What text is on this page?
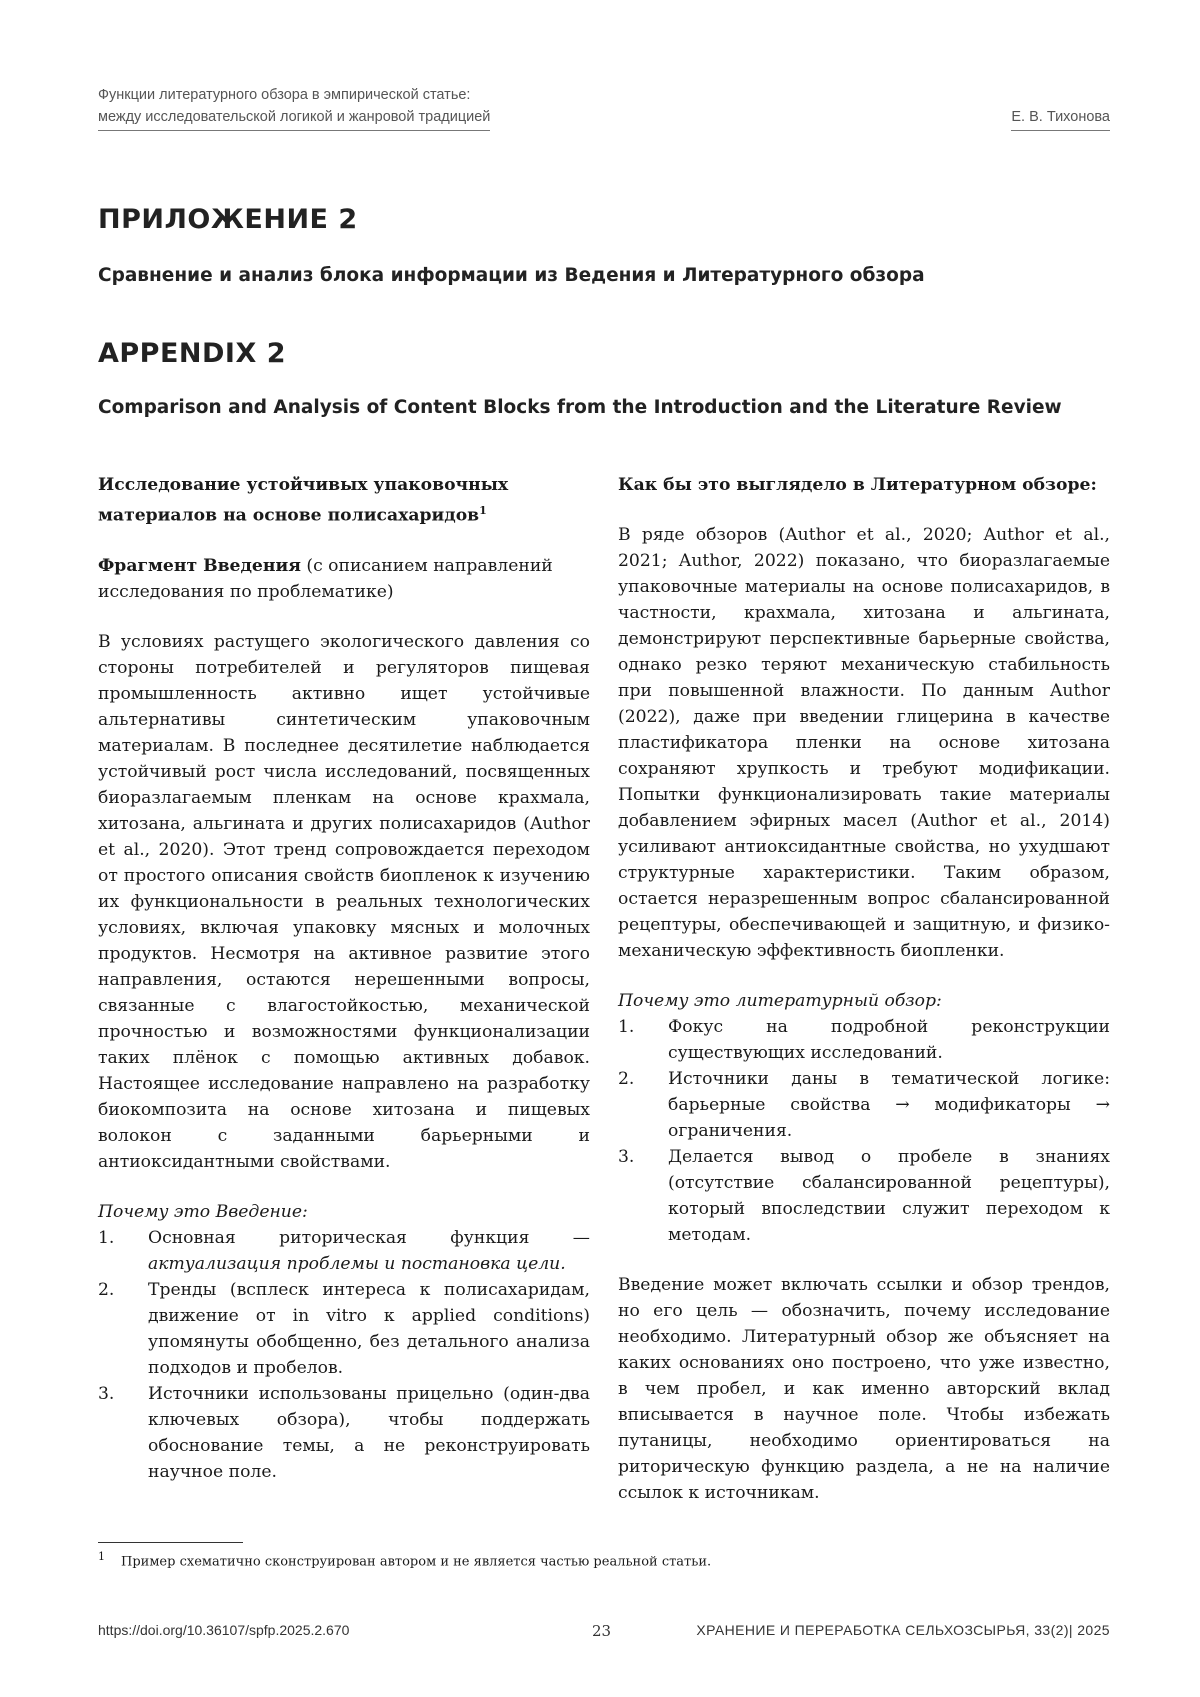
Функции литературного обзора в эмпирической статье:
между исследовательской логикой и жанровой традицией	Е. В. Тихонова
ПРИЛОЖЕНИЕ 2
Сравнение и анализ блока информации из Ведения и Литературного обзора
APPENDIX 2
Comparison and Analysis of Content Blocks from the Introduction and the Literature Review

Исследование устойчивых упаковочных материалов на основе полисахаридов1

Фрагмент Введения (с описанием направлений исследования по проблематике)

В условиях растущего экологического давления со стороны потребителей и регуляторов пищевая промышленность активно ищет устойчивые альтернативы синтетическим упаковочным материалам. В последнее десятилетие наблюдается устойчивый рост числа исследований, посвященных биоразлагаемым пленкам на основе крахмала, хитозана, альгината и других полисахаридов (Author et al., 2020). Этот тренд сопровождается переходом от простого описания свойств биопленок к изучению их функциональности в реальных технологических условиях, включая упаковку мясных и молочных продуктов. Несмотря на активное развитие этого направления, остаются нерешенными вопросы, связанные с влагостойкостью, механической прочностью и возможностями функционализации таких плёнок с помощью активных добавок. Настоящее исследование направлено на разработку биокомпозита на основе хитозана и пищевых волокон с заданными барьерными и антиоксидантными свойствами.

Почему это Введение:
1.	Основная риторическая функция — актуализация проблемы и постановка цели.
2.	Тренды (всплеск интереса к полисахаридам, движение от in vitro к applied conditions) упомянуты обобщенно, без детального анализа подходов и пробелов.
3.	Источники использованы прицельно (один-два ключевых обзора), чтобы поддержать обоснование темы, а не реконструировать научное поле.

Как бы это выглядело в Литературном обзоре:

В ряде обзоров (Author et al., 2020; Author et al., 2021; Author, 2022) показано, что биоразлагаемые упаковочные материалы на основе полисахаридов, в частности, крахмала, хитозана и альгината, демонстрируют перспективные барьерные свойства, однако резко теряют механическую стабильность при повышенной влажности. По данным Author (2022), даже при введении глицерина в качестве пластификатора пленки на основе хитозана сохраняют хрупкость и требуют модификации. Попытки функционализировать такие материалы добавлением эфирных масел (Author et al., 2014) усиливают антиоксидантные свойства, но ухудшают структурные характеристики. Таким образом, остается неразрешенным вопрос сбалансированной рецептуры, обеспечивающей и защитную, и физико-механическую эффективность биопленки.

Почему это литературный обзор:
1.	Фокус на подробной реконструкции существующих исследований.
2.	Источники даны в тематической логике: барьерные свойства → модификаторы → ограничения.
3.	Делается вывод о пробеле в знаниях (отсутствие сбалансированной рецептуры), который впоследствии служит переходом к методам.

Введение может включать ссылки и обзор трендов, но его цель — обозначить, почему исследование необходимо. Литературный обзор же объясняет на каких основаниях оно построено, что уже известно, в чем пробел, и как именно авторский вклад вписывается в научное поле. Чтобы избежать путаницы, необходимо ориентироваться на риторическую функцию раздела, а не на наличие ссылок к источникам.

1 Пример схематично сконструирован автором и не является частью реальной статьи.
https://doi.org/10.36107/spfp.2025.2.670	23	ХРАНЕНИЕ И ПЕРЕРАБОТКА СЕЛЬХОЗСЫРЬЯ, 33(2)| 2025
